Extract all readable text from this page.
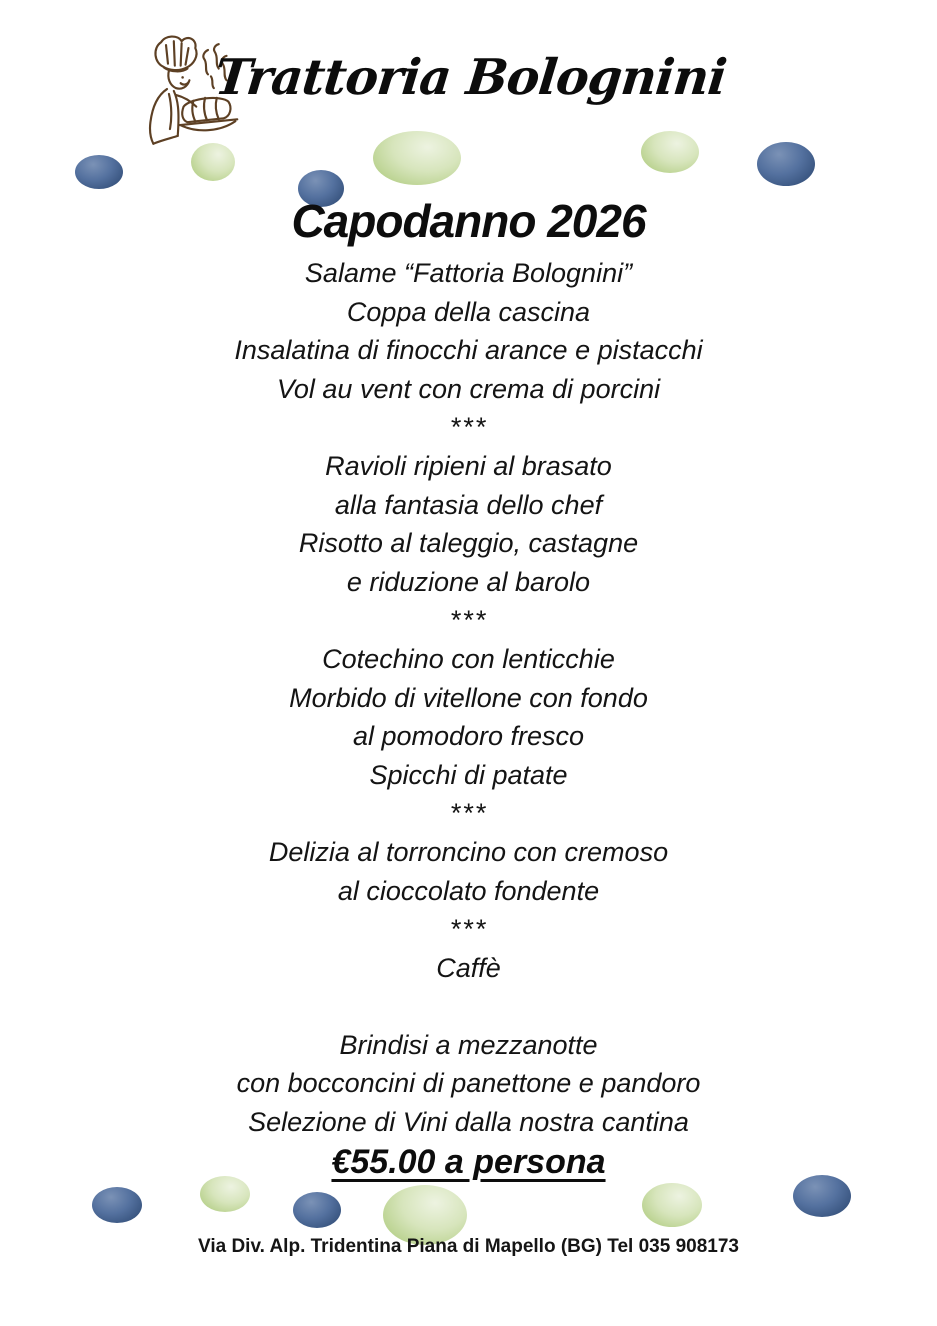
Trattoria Bolognini
Capodanno 2026

Salame “Fattoria Bolognini”

Coppa della cascina

Insalatina di finocchi arance e pistacchi

Vol au vent con crema di porcini

***

Ravioli ripieni al brasato

alla fantasia dello chef

Risotto al taleggio, castagne

e riduzione al barolo

***

Cotechino con lenticchie

Morbido di vitellone con fondo

al pomodoro fresco

Spicchi di patate

***

Delizia al torroncino con cremoso

al cioccolato fondente

***

Caffè

Brindisi a mezzanotte

con bocconcini di panettone e pandoro

Selezione di Vini dalla nostra cantina

€55.00 a persona

Via Div. Alp. Tridentina Piana di Mapello (BG) Tel 035 908173
